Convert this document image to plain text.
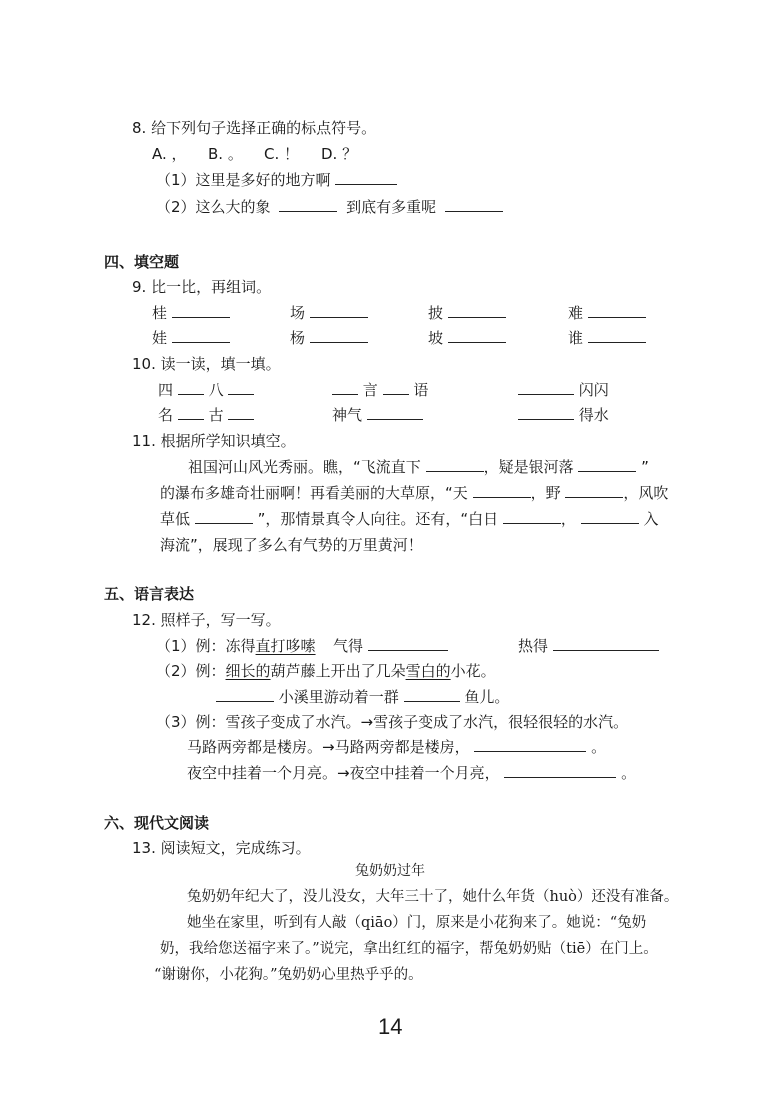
8. 给下列句子选择正确的标点符号。
A. ， B. 。 C. ！ D. ？
（1）这里是多好的地方啊
（2）这么大的象	到底有多重呢
四、填空题
9. 比一比，再组词。
桂	场	披	难
娃	杨	坡	谁
10. 读一读，填一填。
四 八	言 语	闪闪
名 古	神气	得水
11. 根据所学知识填空。
祖国河山风光秀丽。瞧，“飞流直下	，疑是银河落	”
的瀑布多雄奇壮丽啊！再看美丽的大草原，“天	，野	，风吹
草低	”，那情景真令人向往。还有，“白日	，	入
海流”，展现了多么有气势的万里黄河！
五、语言表达
12. 照样子，写一写。
（1）例：冻得直打哆嗦 气得	热得
（2）例：细长的葫芦藤上开出了几朵雪白的小花。
小溪里游动着一群	鱼儿。
（3）例：雪孩子变成了水汽。→雪孩子变成了水汽，很轻很轻的水汽。
马路两旁都是楼房。→马路两旁都是楼房，	。
夜空中挂着一个月亮。→夜空中挂着一个月亮，	。
六、现代文阅读
13. 阅读短文，完成练习。
兔奶奶过年
兔奶奶年纪大了，没儿没女，大年三十了，她什么年货（huò）还没有准备。
她坐在家里，听到有人敲（qiāo）门，原来是小花狗来了。她说：“兔奶
奶，我给您送福字来了。”说完，拿出红红的福字，帮兔奶奶贴（tiē）在门上。
“谢谢你，小花狗。”兔奶奶心里热乎乎的。
14
